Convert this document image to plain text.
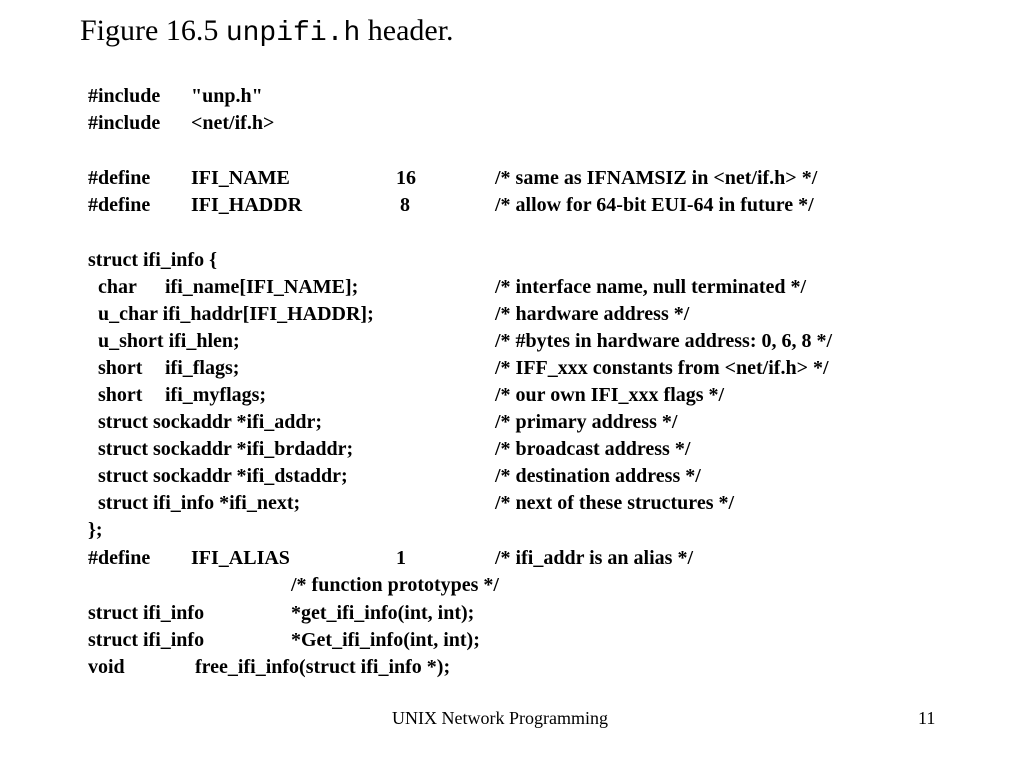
Figure 16.5 unpifi.h header.
#include "unp.h"
#include <net/if.h>
#define IFI_NAME	16	/* same as IFNAMSIZ in <net/if.h> */
#define IFI_HADDR	8	/* allow for 64-bit EUI-64 in future */
struct ifi_info {
char ifi_name[IFI_NAME];	/* interface name, null terminated */
u_char ifi_haddr[IFI_HADDR];	/* hardware address */
u_short ifi_hlen;	/* #bytes in hardware address: 0, 6, 8 */
short ifi_flags;	/* IFF_xxx constants from <net/if.h> */
short ifi_myflags;	/* our own IFI_xxx flags */
struct sockaddr *ifi_addr;	/* primary address */
struct sockaddr *ifi_brdaddr;	/* broadcast address */
struct sockaddr *ifi_dstaddr;	/* destination address */
struct ifi_info *ifi_next;	/* next of these structures */
};
#define IFI_ALIAS	1	/* ifi_addr is an alias */
/* function prototypes */
struct ifi_info	*get_ifi_info(int, int);
struct ifi_info	*Get_ifi_info(int, int);
void	free_ifi_info(struct ifi_info *);
UNIX Network Programming	11
